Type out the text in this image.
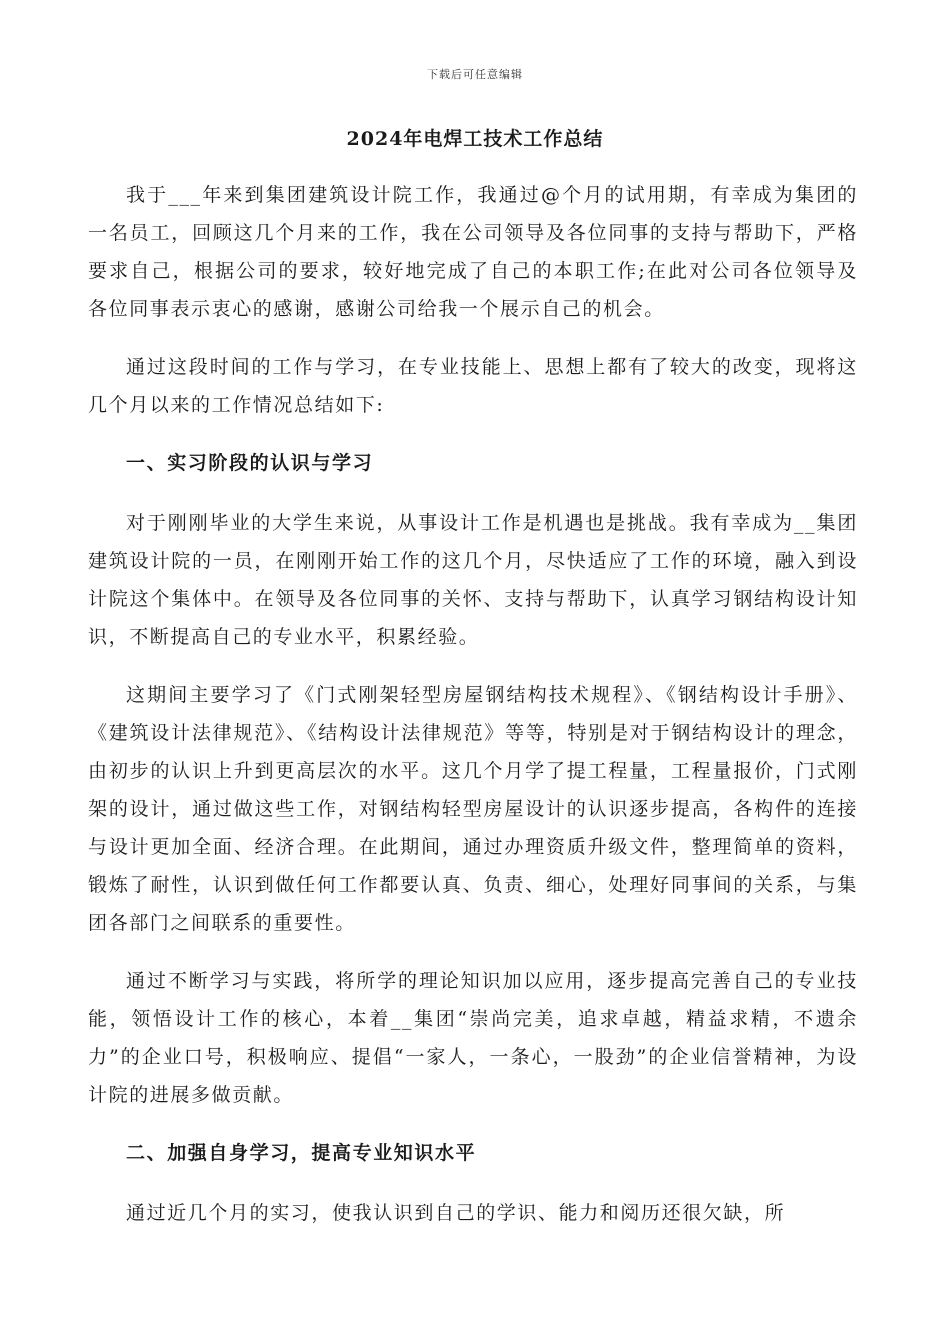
下载后可任意编辑
2024年电焊工技术工作总结

我于___年来到集团建筑设计院工作，我通过@个月的试用期，有幸成为集团的一名员工，回顾这几个月来的工作，我在公司领导及各位同事的支持与帮助下，严格要求自己，根据公司的要求，较好地完成了自己的本职工作;在此对公司各位领导及各位同事表示衷心的感谢，感谢公司给我一个展示自己的机会。

通过这段时间的工作与学习，在专业技能上、思想上都有了较大的改变，现将这几个月以来的工作情况总结如下:

一、实习阶段的认识与学习

对于刚刚毕业的大学生来说，从事设计工作是机遇也是挑战。我有幸成为__集团建筑设计院的一员，在刚刚开始工作的这几个月，尽快适应了工作的环境，融入到设计院这个集体中。在领导及各位同事的关怀、支持与帮助下，认真学习钢结构设计知识，不断提高自己的专业水平，积累经验。

这期间主要学习了《门式刚架轻型房屋钢结构技术规程》、《钢结构设计手册》、《建筑设计法律规范》、《结构设计法律规范》等等，特别是对于钢结构设计的理念，由初步的认识上升到更高层次的水平。这几个月学了提工程量，工程量报价，门式刚架的设计，通过做这些工作，对钢结构轻型房屋设计的认识逐步提高，各构件的连接与设计更加全面、经济合理。在此期间，通过办理资质升级文件，整理简单的资料，锻炼了耐性，认识到做任何工作都要认真、负责、细心，处理好同事间的关系，与集团各部门之间联系的重要性。

通过不断学习与实践，将所学的理论知识加以应用，逐步提高完善自己的专业技能，领悟设计工作的核心，本着__集团“崇尚完美，追求卓越，精益求精，不遗余力”的企业口号，积极响应、提倡“一家人，一条心，一股劲”的企业信誉精神，为设计院的进展多做贡献。

二、加强自身学习，提高专业知识水平

通过近几个月的实习，使我认识到自己的学识、能力和阅历还很欠缺，所
